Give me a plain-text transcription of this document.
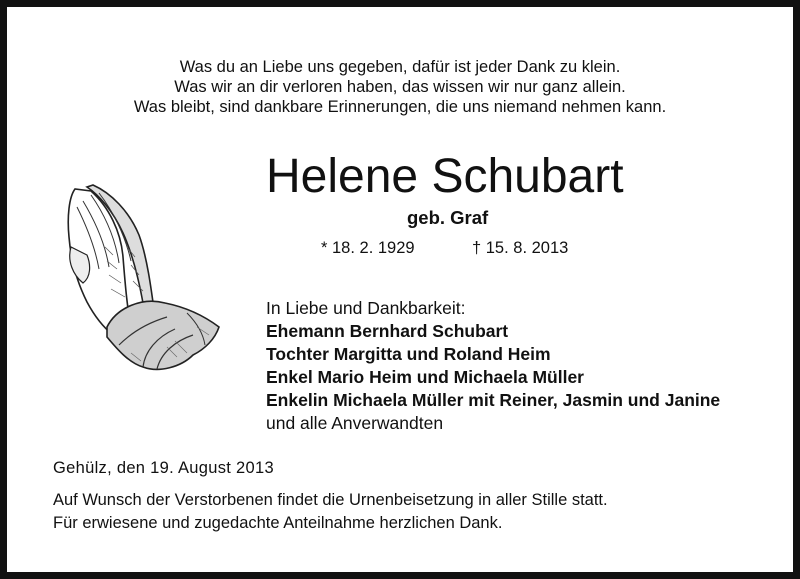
Was du an Liebe uns gegeben, dafür ist jeder Dank zu klein.
Was wir an dir verloren haben, das wissen wir nur ganz allein.
Was bleibt, sind dankbare Erinnerungen, die uns niemand nehmen kann.
Helene Schubart
geb. Graf
* 18. 2. 1929	† 15. 8. 2013
In Liebe und Dankbarkeit:
Ehemann Bernhard Schubart
Tochter Margitta und Roland Heim
Enkel Mario Heim und Michaela Müller
Enkelin Michaela Müller mit Reiner, Jasmin und Janine
und alle Anverwandten
Gehülz, den 19. August 2013
Auf Wunsch der Verstorbenen findet die Urnenbeisetzung in aller Stille statt.
Für erwiesene und zugedachte Anteilnahme herzlichen Dank.
